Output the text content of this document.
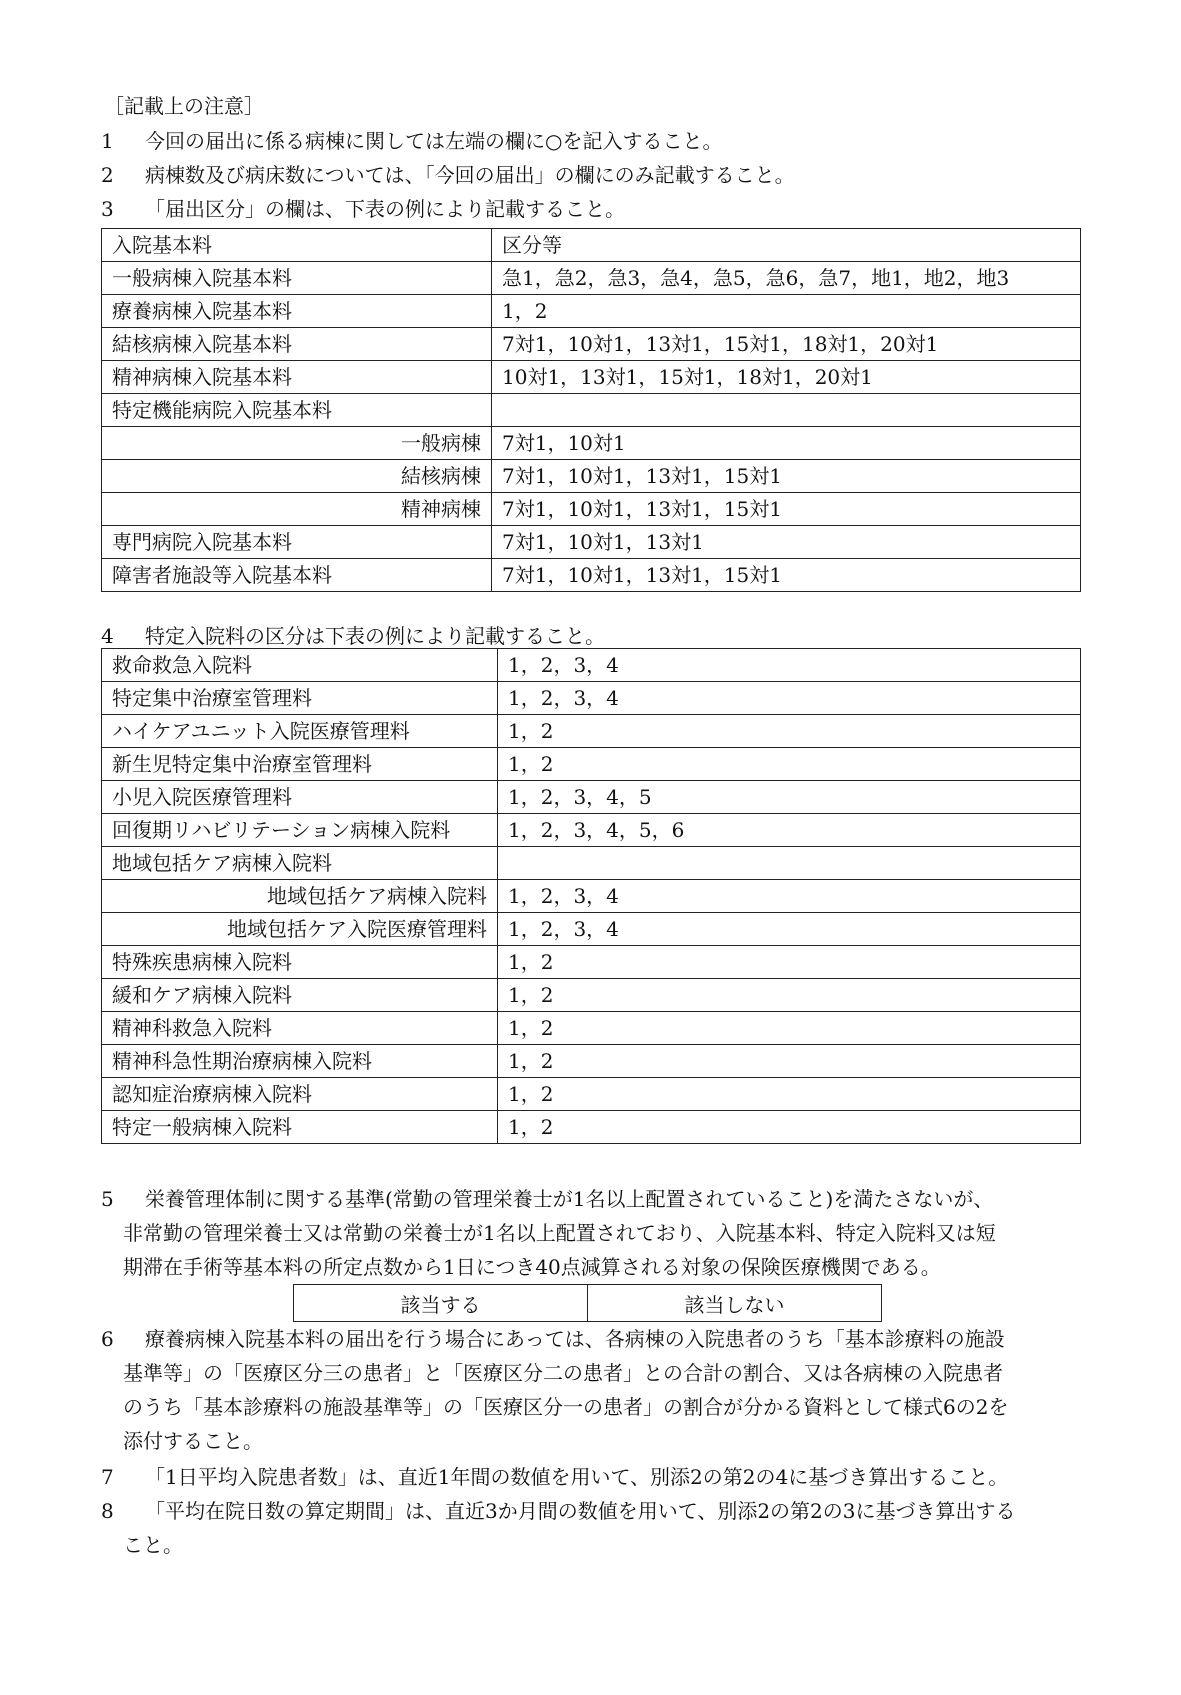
［記載上の注意］
1 今回の届出に係る病棟に関しては左端の欄に○を記入すること。
2 病棟数及び病床数については、「今回の届出」の欄にのみ記載すること。
3 「届出区分」の欄は、下表の例により記載すること。
入院基本料	区分等
一般病棟入院基本料	急1，急2，急3，急4，急5，急6，急7，地1，地2，地3
療養病棟入院基本料	1，2
結核病棟入院基本料	7対1，10対1，13対1，15対1，18対1，20対1
精神病棟入院基本料	10対1，13対1，15対1，18対1，20対1
特定機能病院入院基本料	
一般病棟	7対1，10対1
結核病棟	7対1，10対1，13対1，15対1
精神病棟	7対1，10対1，13対1，15対1
専門病院入院基本料	7対1，10対1，13対1
障害者施設等入院基本料	7対1，10対1，13対1，15対1
4 特定入院料の区分は下表の例により記載すること。
救命救急入院料	1，2，3，4
特定集中治療室管理料	1，2，3，4
ハイケアユニット入院医療管理料	1，2
新生児特定集中治療室管理料	1，2
小児入院医療管理料	1，2，3，4，5
回復期リハビリテーション病棟入院料	1，2，3，4，5，6
地域包括ケア病棟入院料	
地域包括ケア病棟入院料	1，2，3，4
地域包括ケア入院医療管理料	1，2，3，4
特殊疾患病棟入院料	1，2
緩和ケア病棟入院料	1，2
精神科救急入院料	1，2
精神科急性期治療病棟入院料	1，2
認知症治療病棟入院料	1，2
特定一般病棟入院料	1，2
5 栄養管理体制に関する基準(常勤の管理栄養士が1名以上配置されていること)を満たさないが、
非常勤の管理栄養士又は常勤の栄養士が1名以上配置されており、入院基本料、特定入院料又は短
期滞在手術等基本料の所定点数から1日につき40点減算される対象の保険医療機関である。
該当する	該当しない
6 療養病棟入院基本料の届出を行う場合にあっては、各病棟の入院患者のうち「基本診療料の施設
基準等」の「医療区分三の患者」と「医療区分二の患者」との合計の割合、又は各病棟の入院患者
のうち「基本診療料の施設基準等」の「医療区分一の患者」の割合が分かる資料として様式6の2を
添付すること。
7 「1日平均入院患者数」は、直近1年間の数値を用いて、別添2の第2の4に基づき算出すること。
8 「平均在院日数の算定期間」は、直近3か月間の数値を用いて、別添2の第2の3に基づき算出する
こと。
